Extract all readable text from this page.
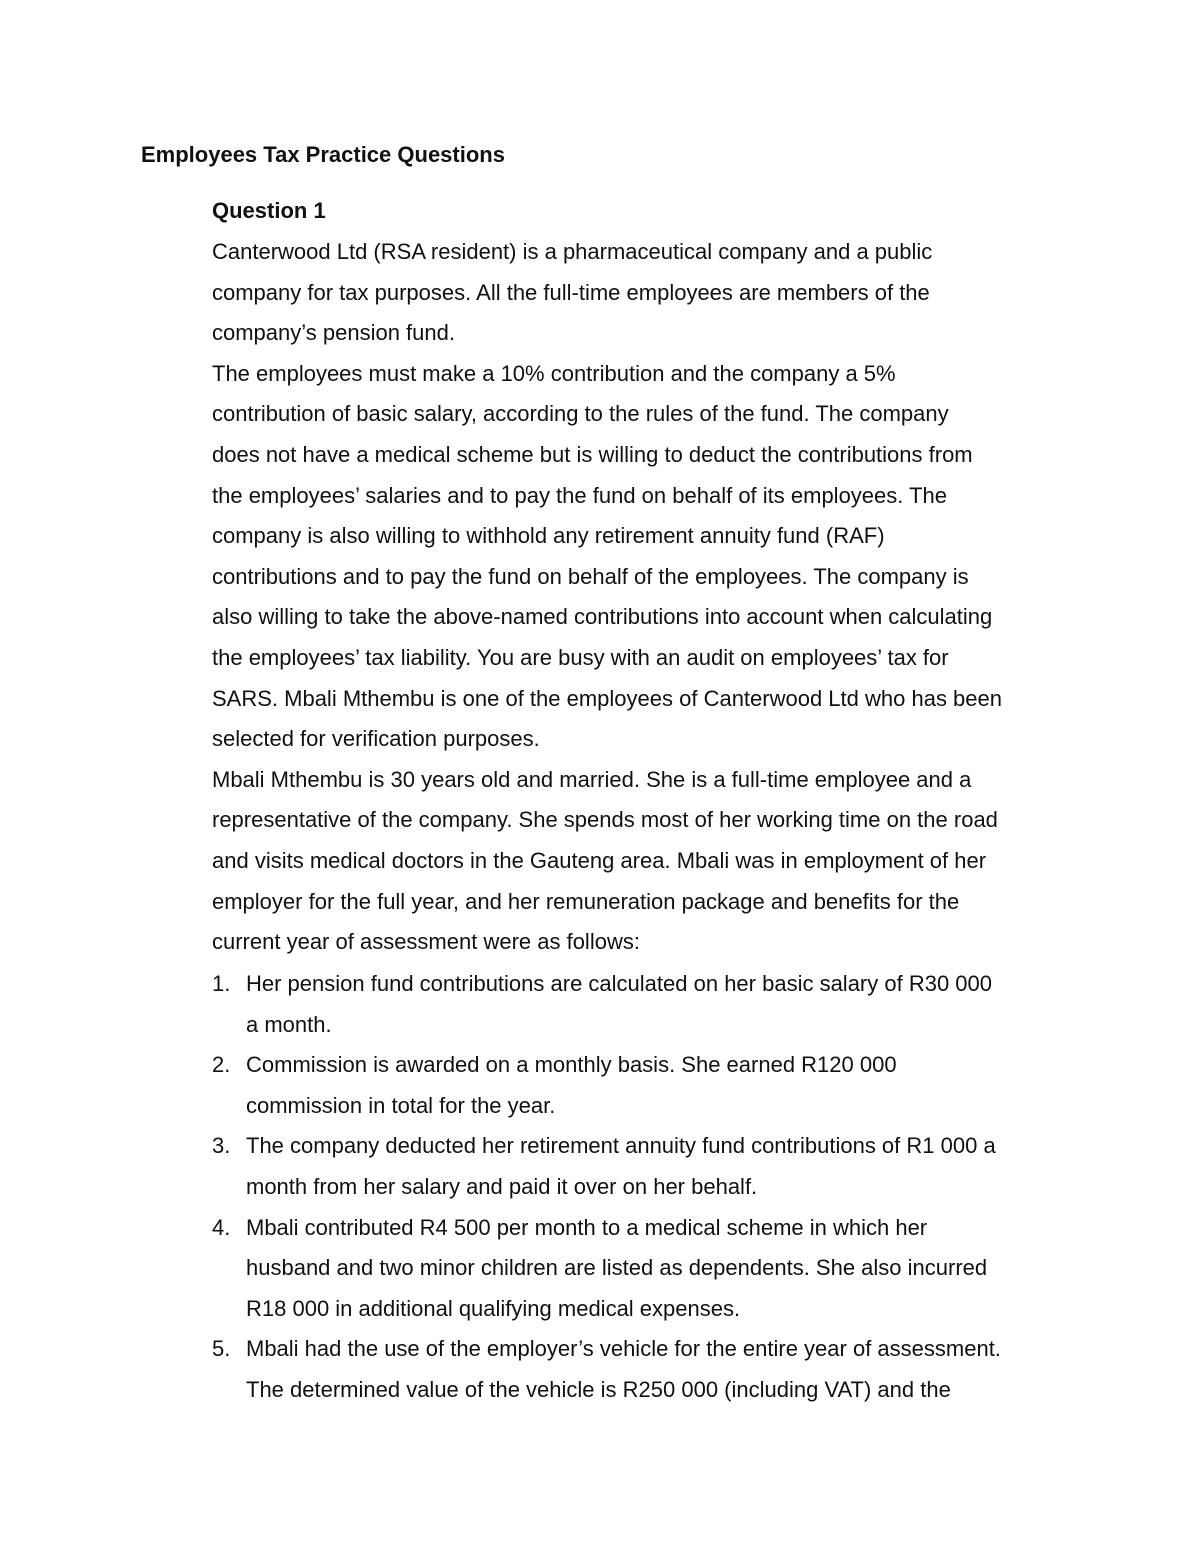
Employees Tax Practice Questions
Question 1
Canterwood Ltd (RSA resident) is a pharmaceutical company and a public
company for tax purposes. All the full-time employees are members of the
company’s pension fund.
The employees must make a 10% contribution and the company a 5%
contribution of basic salary, according to the rules of the fund. The company
does not have a medical scheme but is willing to deduct the contributions from
the employees’ salaries and to pay the fund on behalf of its employees. The
company is also willing to withhold any retirement annuity fund (RAF)
contributions and to pay the fund on behalf of the employees. The company is
also willing to take the above-named contributions into account when calculating
the employees’ tax liability. You are busy with an audit on employees’ tax for
SARS. Mbali Mthembu is one of the employees of Canterwood Ltd who has been
selected for verification purposes.
Mbali Mthembu is 30 years old and married. She is a full-time employee and a
representative of the company. She spends most of her working time on the road
and visits medical doctors in the Gauteng area. Mbali was in employment of her
employer for the full year, and her remuneration package and benefits for the
current year of assessment were as follows:
1. Her pension fund contributions are calculated on her basic salary of R30 000
a month.
2. Commission is awarded on a monthly basis. She earned R120 000
commission in total for the year.
3. The company deducted her retirement annuity fund contributions of R1 000 a
month from her salary and paid it over on her behalf.
4. Mbali contributed R4 500 per month to a medical scheme in which her
husband and two minor children are listed as dependents. She also incurred
R18 000 in additional qualifying medical expenses.
5. Mbali had the use of the employer’s vehicle for the entire year of assessment.
The determined value of the vehicle is R250 000 (including VAT) and the
